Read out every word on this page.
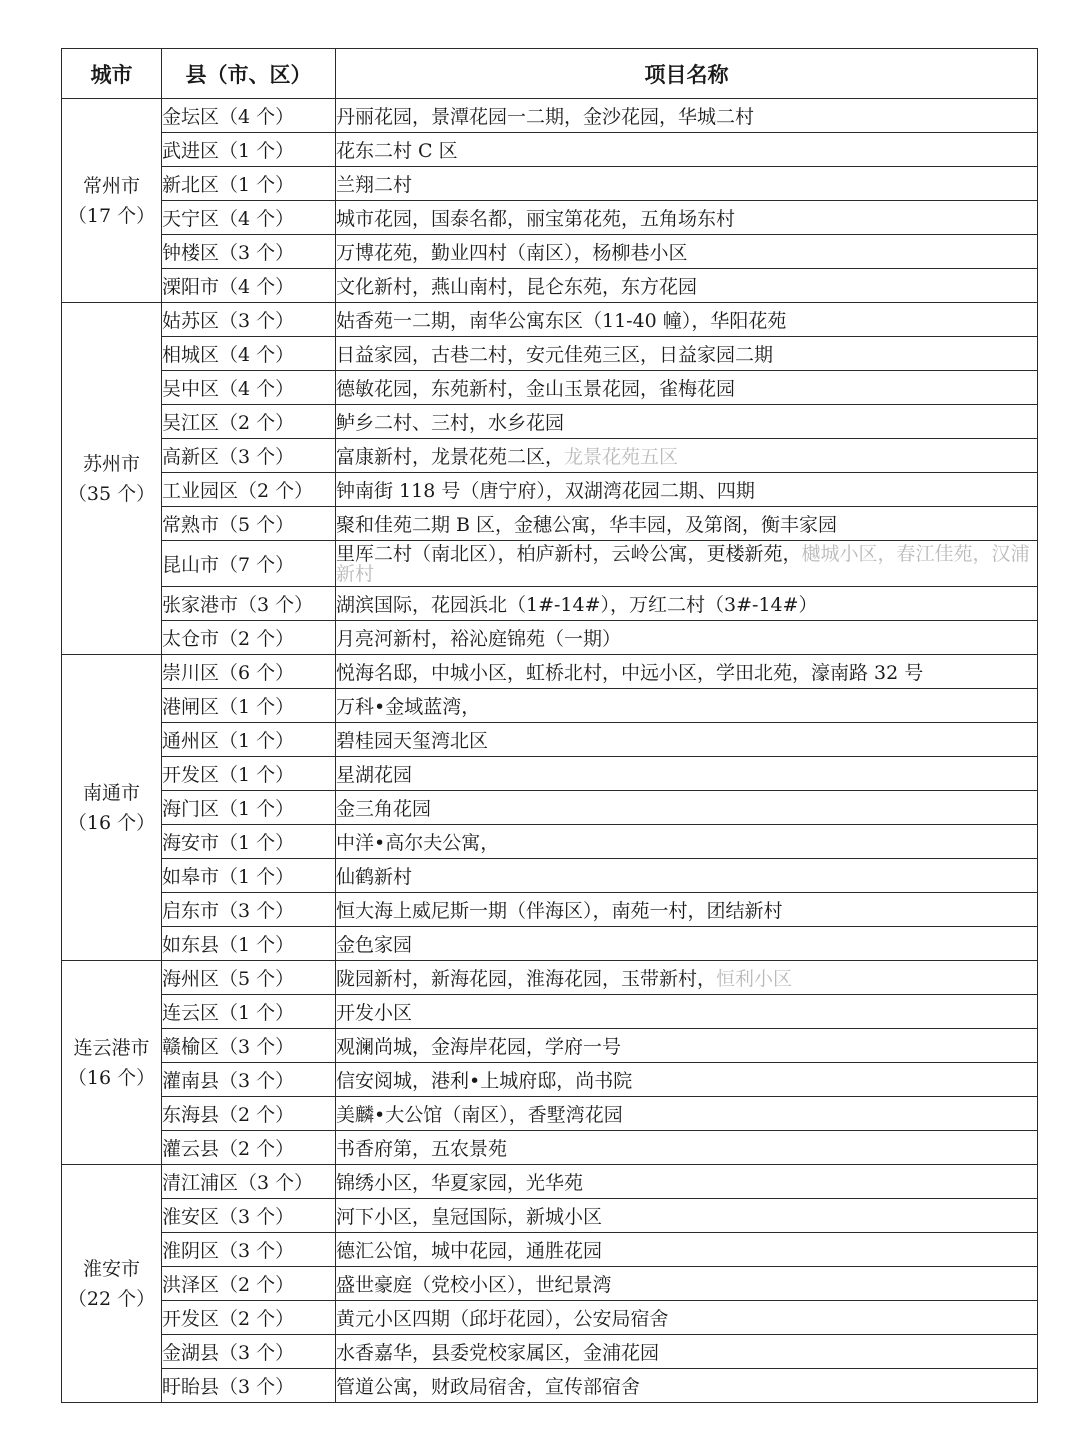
城市	县（市、区）	项目名称

常州市
（17 个）	金坛区（4 个）	丹丽花园，景潭花园一二期，金沙花园，华城二村
	武进区（1 个）	花东二村 C 区
	新北区（1 个）	兰翔二村
	天宁区（4 个）	城市花园，国泰名都，丽宝第花苑，五角场东村
	钟楼区（3 个）	万博花苑，勤业四村（南区），杨柳巷小区
	溧阳市（4 个）	文化新村，燕山南村，昆仑东苑，东方花园

苏州市
（35 个）	姑苏区（3 个）	姑香苑一二期，南华公寓东区（11-40 幢），华阳花苑
	相城区（4 个）	日益家园，古巷二村，安元佳苑三区，日益家园二期
	吴中区（4 个）	德敏花园，东苑新村，金山玉景花园，雀梅花园
	吴江区（2 个）	鲈乡二村、三村，水乡花园
	高新区（3 个）	富康新村，龙景花苑二区，龙景花苑五区
	工业园区（2 个）	钟南街 118 号（唐宁府），双湖湾花园二期、四期
	常熟市（5 个）	聚和佳苑二期 B 区，金穗公寓，华丰园，及第阁，衡丰家园
	昆山市（7 个）	里厍二村（南北区），柏庐新村，云岭公寓，更楼新苑，樾城小区，春江佳苑，汉浦新村
	张家港市（3 个）	湖滨国际，花园浜北（1#-14#），万红二村（3#-14#）
	太仓市（2 个）	月亮河新村，裕沁庭锦苑（一期）

南通市
（16 个）	崇川区（6 个）	悦海名邸，中城小区，虹桥北村，中远小区，学田北苑，濠南路 32 号
	港闸区（1 个）	万科•金域蓝湾，
	通州区（1 个）	碧桂园天玺湾北区
	开发区（1 个）	星湖花园
	海门区（1 个）	金三角花园
	海安市（1 个）	中洋•高尔夫公寓，
	如皋市（1 个）	仙鹤新村
	启东市（3 个）	恒大海上威尼斯一期（伴海区），南苑一村，团结新村
	如东县（1 个）	金色家园

连云港市
（16 个）	海州区（5 个）	陇园新村，新海花园，淮海花园，玉带新村，恒利小区
	连云区（1 个）	开发小区
	赣榆区（3 个）	观澜尚城，金海岸花园，学府一号
	灌南县（3 个）	信安阅城，港利•上城府邸，尚书院
	东海县（2 个）	美麟•大公馆（南区），香墅湾花园
	灌云县（2 个）	书香府第，五农景苑

淮安市
（22 个）	清江浦区（3 个）	锦绣小区，华夏家园，光华苑
	淮安区（3 个）	河下小区，皇冠国际，新城小区
	淮阴区（3 个）	德汇公馆，城中花园，通胜花园
	洪泽区（2 个）	盛世豪庭（党校小区），世纪景湾
	开发区（2 个）	黄元小区四期（邱圩花园），公安局宿舍
	金湖县（3 个）	水香嘉华，县委党校家属区，金浦花园
	盱眙县（3 个）	管道公寓，财政局宿舍，宣传部宿舍
